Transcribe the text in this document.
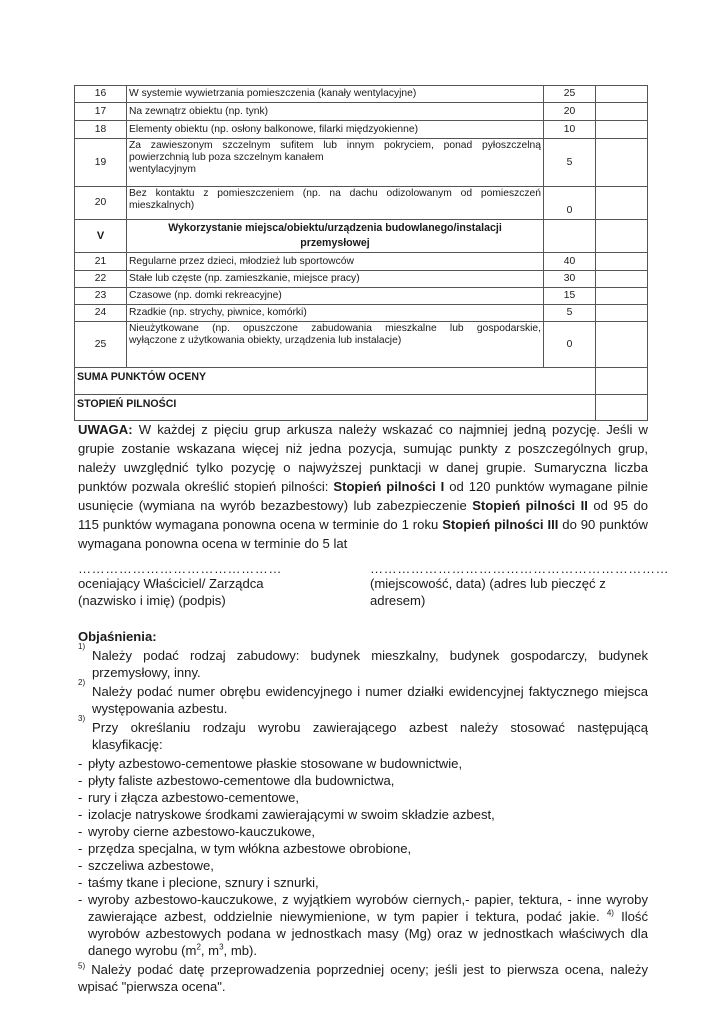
16	W systemie wywietrzania pomieszczenia (kanały wentylacyjne)	25	
17	Na zewnątrz obiektu (np. tynk)	20	
18	Elementy obiektu (np. osłony balkonowe, filarki międzyokienne)	10	
19	Za zawieszonym szczelnym sufitem lub innym pokryciem, ponad pyłoszczelną
powierzchnią lub poza szczelnym kanałem
wentylacyjnym	5	
20	Bez kontaktu z pomieszczeniem (np. na dachu odizolowanym od pomieszczeń
mieszkalnych)	0	
V	Wykorzystanie miejsca/obiektu/urządzenia budowlanego/instalacji
przemysłowej		

21	Regularne przez dzieci, młodzież lub sportowców	40	
22	Stałe lub częste (np. zamieszkanie, miejsce pracy)	30	
23	Czasowe (np. domki rekreacyjne)	15	
24	Rzadkie (np. strychy, piwnice, komórki)	5	
25	Nieużytkowane (np. opuszczone zabudowania mieszkalne lub gospodarskie,
wyłączone z użytkowania obiekty, urządzenia lub instalacje)	0	
SUMA PUNKTÓW OCENY			
STOPIEŃ PILNOŚCI			
UWAGA: W każdej z pięciu grup arkusza należy wskazać co najmniej jedną pozycję. Jeśli w grupie zostanie wskazana więcej niż jedna pozycja, sumując punkty z poszczególnych grup, należy uwzględnić tylko pozycję o najwyższej punktacji w danej grupie. Sumaryczna liczba punktów pozwala określić stopień pilności: Stopień pilności I od 120 punktów wymagane pilnie usunięcie (wymiana na wyrób bezazbestowy) lub zabezpieczenie Stopień pilności II od 95 do 115 punktów wymagana ponowna ocena w terminie do 1 roku Stopień pilności III do 90 punktów wymagana ponowna ocena w terminie do 5 lat
………………………………………
oceniający Właściciel/ Zarządca
(nazwisko i imię) (podpis)
…………………………………………………………
(miejscowość, data) (adres lub pieczęć z adresem)
Objaśnienia:
1)
Należy podać rodzaj zabudowy: budynek mieszkalny, budynek gospodarczy, budynek przemysłowy, inny.
2)
Należy podać numer obrębu ewidencyjnego i numer działki ewidencyjnej faktycznego miejsca występowania azbestu.
3)
Przy określaniu rodzaju wyrobu zawierającego azbest należy stosować następującą klasyfikację:
- płyty azbestowo-cementowe płaskie stosowane w budownictwie,
- płyty faliste azbestowo-cementowe dla budownictwa,
- rury i złącza azbestowo-cementowe,
- izolacje natryskowe środkami zawierającymi w swoim składzie azbest,
- wyroby cierne azbestowo-kauczukowe,
- przędza specjalna, w tym włókna azbestowe obrobione,
- szczeliwa azbestowe,
- taśmy tkane i plecione, sznury i sznurki,
- wyroby azbestowo-kauczukowe, z wyjątkiem wyrobów ciernych,- papier, tektura, - inne wyroby zawierające azbest, oddzielnie niewymienione, w tym papier i tektura, podać jakie. $^{4)}$ Ilość wyrobów azbestowych podana w jednostkach masy (Mg) oraz w jednostkach właściwych dla danego wyrobu ($m^2$, $m^3$, mb).
$^{5)}$ Należy podać datę przeprowadzenia poprzedniej oceny; jeśli jest to pierwsza ocena, należy wpisać "pierwsza ocena".
